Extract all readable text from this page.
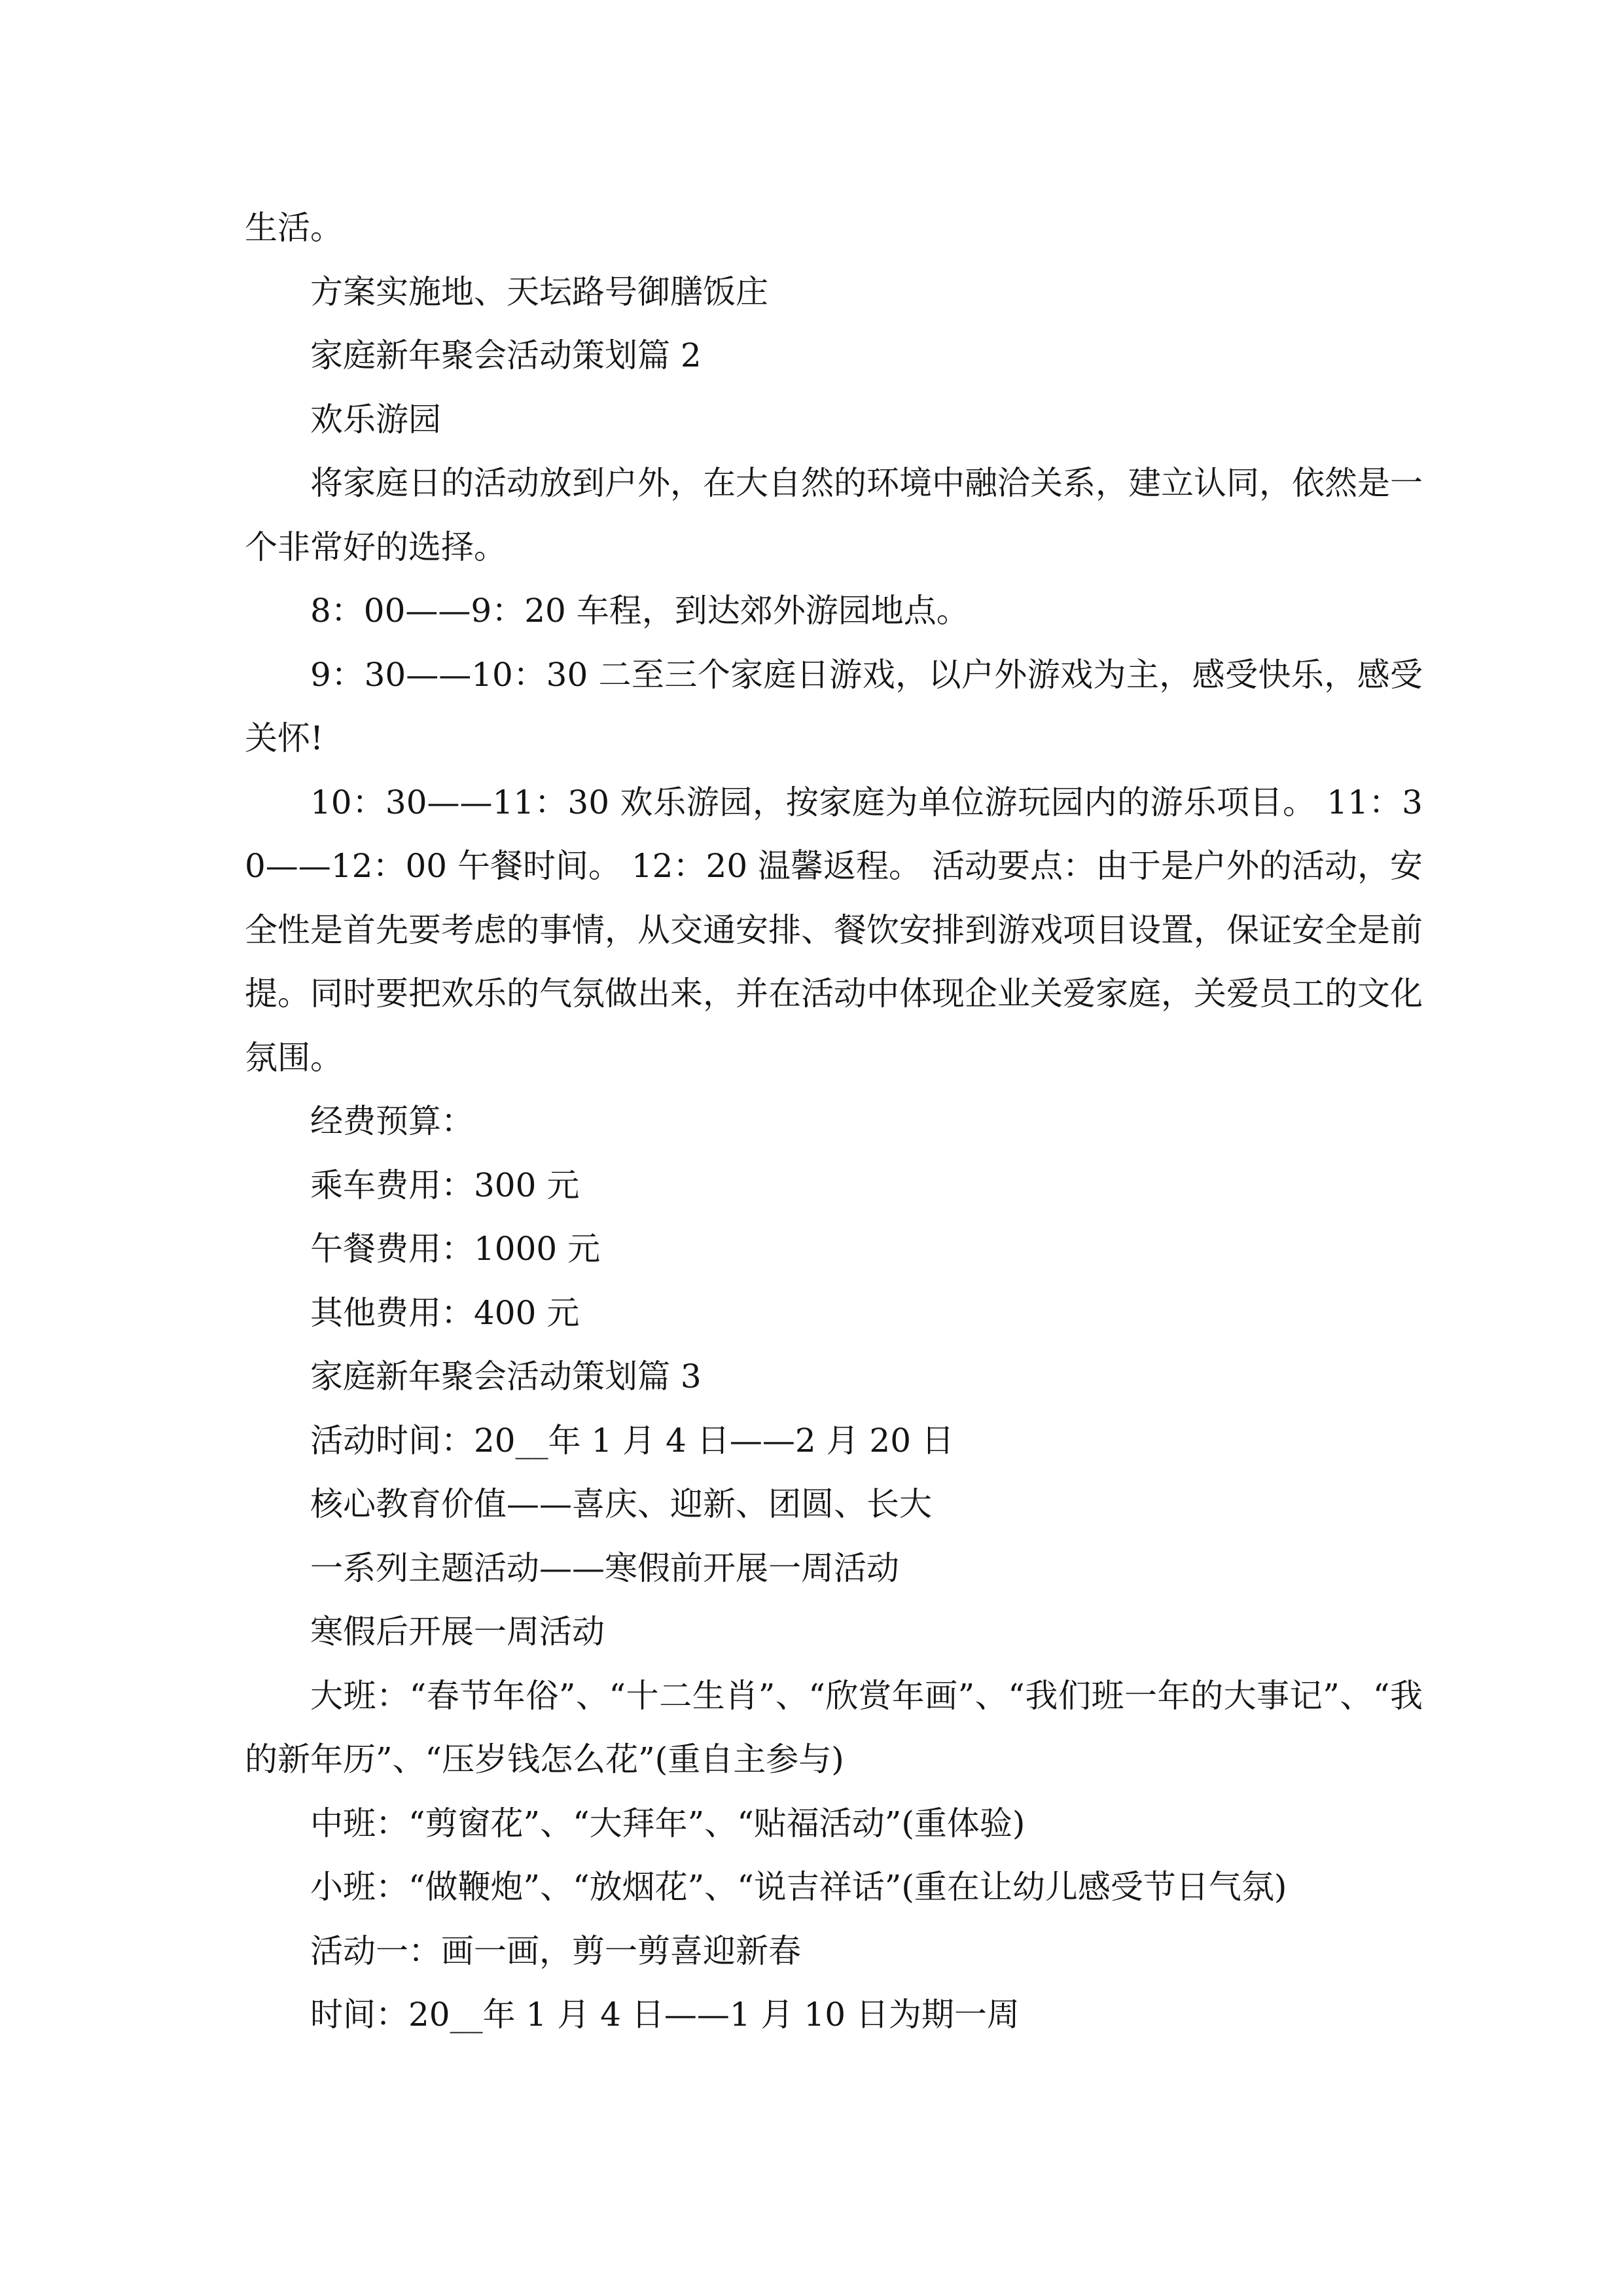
生活。

方案实施地、天坛路号御膳饭庄

家庭新年聚会活动策划篇 2

欢乐游园

将家庭日的活动放到户外，在大自然的环境中融洽关系，建立认同，依然是一个非常好的选择。

8：00——9：20 车程，到达郊外游园地点。

9：30——10：30 二至三个家庭日游戏，以户外游戏为主，感受快乐，感受关怀!

10：30——11：30 欢乐游园，按家庭为单位游玩园内的游乐项目。 11：30——12：00 午餐时间。 12：20 温馨返程。 活动要点：由于是户外的活动，安全性是首先要考虑的事情，从交通安排、餐饮安排到游戏项目设置，保证安全是前提。同时要把欢乐的气氛做出来，并在活动中体现企业关爱家庭，关爱员工的文化氛围。

经费预算：

乘车费用：300 元

午餐费用：1000 元

其他费用：400 元

家庭新年聚会活动策划篇 3

活动时间：20__年 1 月 4 日——2 月 20 日

核心教育价值——喜庆、迎新、团圆、长大

一系列主题活动——寒假前开展一周活动

寒假后开展一周活动

大班：“春节年俗”、“十二生肖”、“欣赏年画”、“我们班一年的大事记”、“我的新年历”、“压岁钱怎么花”(重自主参与)

中班：“剪窗花”、“大拜年”、“贴福活动”(重体验)

小班：“做鞭炮”、“放烟花”、“说吉祥话”(重在让幼儿感受节日气氛)

活动一：画一画，剪一剪喜迎新春

时间：20__年 1 月 4 日——1 月 10 日为期一周
